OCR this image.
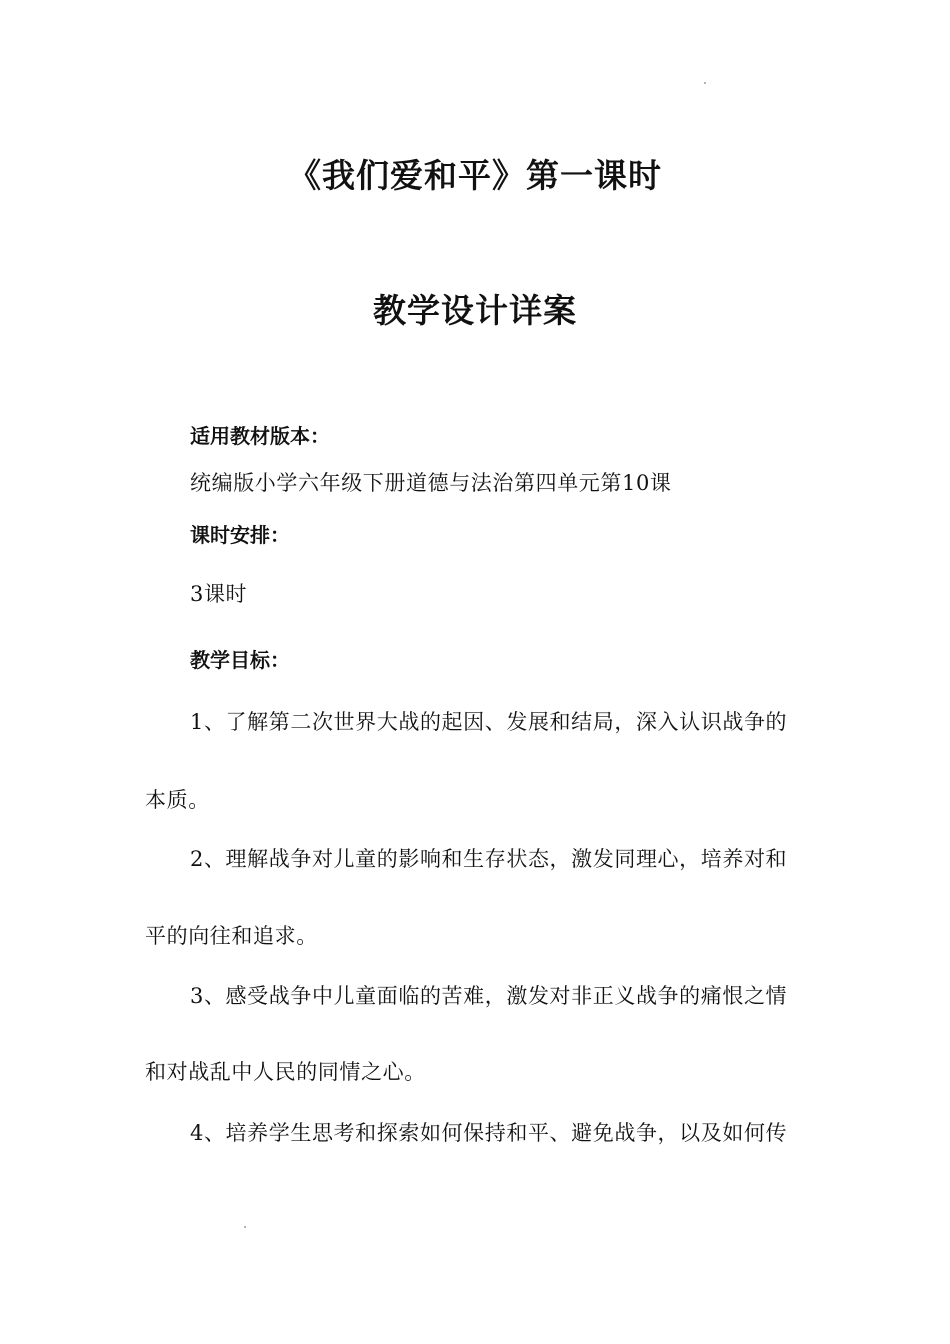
《我们爱和平》第一课时
教学设计详案
适用教材版本：
统编版小学六年级下册道德与法治第四单元第10课
课时安排：
3课时
教学目标：
1、了解第二次世界大战的起因、发展和结局，深入认识战争的
本质。
2、理解战争对儿童的影响和生存状态，激发同理心，培养对和
平的向往和追求。
3、感受战争中儿童面临的苦难，激发对非正义战争的痛恨之情
和对战乱中人民的同情之心。
4、培养学生思考和探索如何保持和平、避免战争，以及如何传
